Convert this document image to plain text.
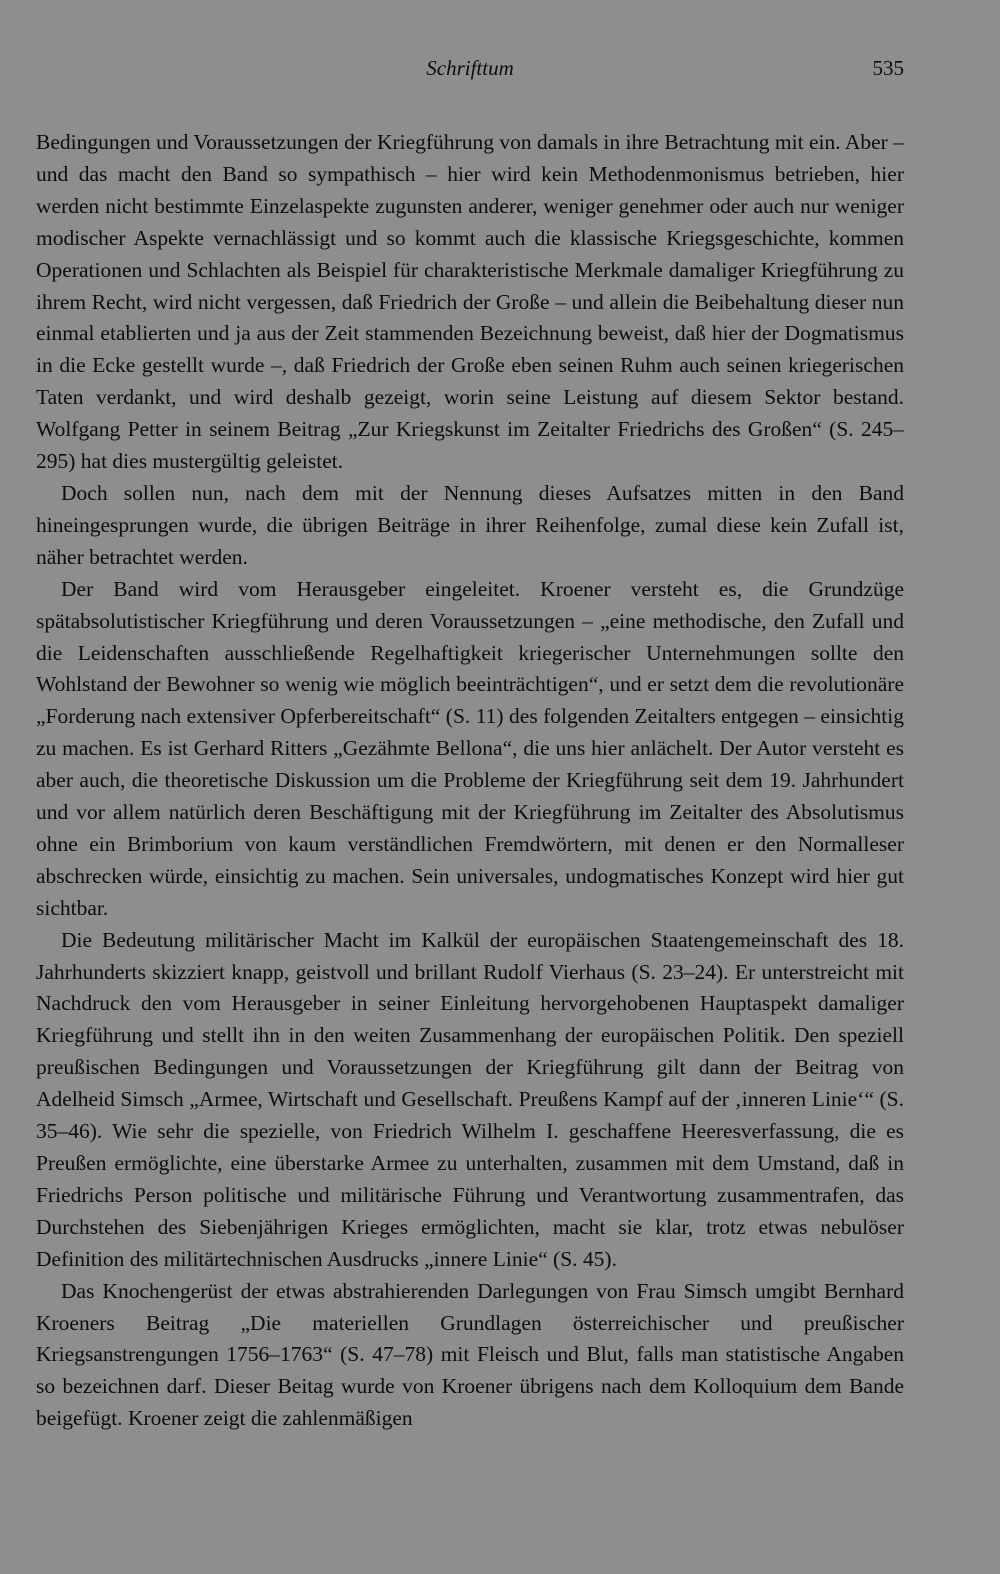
Schrifttum	535

Bedingungen und Voraussetzungen der Kriegführung von damals in ihre Betrachtung mit ein. Aber – und das macht den Band so sympathisch – hier wird kein Methodenmonismus betrieben, hier werden nicht bestimmte Einzelaspekte zugunsten anderer, weniger genehmer oder auch nur weniger modischer Aspekte vernachlässigt und so kommt auch die klassische Kriegsgeschichte, kommen Operationen und Schlachten als Beispiel für charakteristische Merkmale damaliger Kriegführung zu ihrem Recht, wird nicht vergessen, daß Friedrich der Große – und allein die Beibehaltung dieser nun einmal etablierten und ja aus der Zeit stammenden Bezeichnung beweist, daß hier der Dogmatismus in die Ecke gestellt wurde –, daß Friedrich der Große eben seinen Ruhm auch seinen kriegerischen Taten verdankt, und wird deshalb gezeigt, worin seine Leistung auf diesem Sektor bestand. Wolfgang Petter in seinem Beitrag „Zur Kriegskunst im Zeitalter Friedrichs des Großen“ (S. 245–295) hat dies mustergültig geleistet.

Doch sollen nun, nach dem mit der Nennung dieses Aufsatzes mitten in den Band hineingesprungen wurde, die übrigen Beiträge in ihrer Reihenfolge, zumal diese kein Zufall ist, näher betrachtet werden.

Der Band wird vom Herausgeber eingeleitet. Kroener versteht es, die Grundzüge spätabsolutistischer Kriegführung und deren Voraussetzungen – „eine methodische, den Zufall und die Leidenschaften ausschließende Regelhaftigkeit kriegerischer Unternehmungen sollte den Wohlstand der Bewohner so wenig wie möglich beeinträchtigen“, und er setzt dem die revolutionäre „Forderung nach extensiver Opferbereitschaft“ (S. 11) des folgenden Zeitalters entgegen – einsichtig zu machen. Es ist Gerhard Ritters „Gezähmte Bellona“, die uns hier anlächelt. Der Autor versteht es aber auch, die theoretische Diskussion um die Probleme der Kriegführung seit dem 19. Jahrhundert und vor allem natürlich deren Beschäftigung mit der Kriegführung im Zeitalter des Absolutismus ohne ein Brimborium von kaum verständlichen Fremdwörtern, mit denen er den Normalleser abschrecken würde, einsichtig zu machen. Sein universales, undogmatisches Konzept wird hier gut sichtbar.

Die Bedeutung militärischer Macht im Kalkül der europäischen Staatengemeinschaft des 18. Jahrhunderts skizziert knapp, geistvoll und brillant Rudolf Vierhaus (S. 23–24). Er unterstreicht mit Nachdruck den vom Herausgeber in seiner Einleitung hervorgehobenen Hauptaspekt damaliger Kriegführung und stellt ihn in den weiten Zusammenhang der europäischen Politik. Den speziell preußischen Bedingungen und Voraussetzungen der Kriegführung gilt dann der Beitrag von Adelheid Simsch „Armee, Wirtschaft und Gesellschaft. Preußens Kampf auf der ‚inneren Linie‘“ (S. 35–46). Wie sehr die spezielle, von Friedrich Wilhelm I. geschaffene Heeresverfassung, die es Preußen ermöglichte, eine überstarke Armee zu unterhalten, zusammen mit dem Umstand, daß in Friedrichs Person politische und militärische Führung und Verantwortung zusammentrafen, das Durchstehen des Siebenjährigen Krieges ermöglichten, macht sie klar, trotz etwas nebulöser Definition des militärtechnischen Ausdrucks „innere Linie“ (S. 45).

Das Knochengerüst der etwas abstrahierenden Darlegungen von Frau Simsch umgibt Bernhard Kroeners Beitrag „Die materiellen Grundlagen österreichischer und preußischer Kriegsanstrengungen 1756–1763“ (S. 47–78) mit Fleisch und Blut, falls man statistische Angaben so bezeichnen darf. Dieser Beitag wurde von Kroener übrigens nach dem Kolloquium dem Bande beigefügt. Kroener zeigt die zahlenmäßigen
